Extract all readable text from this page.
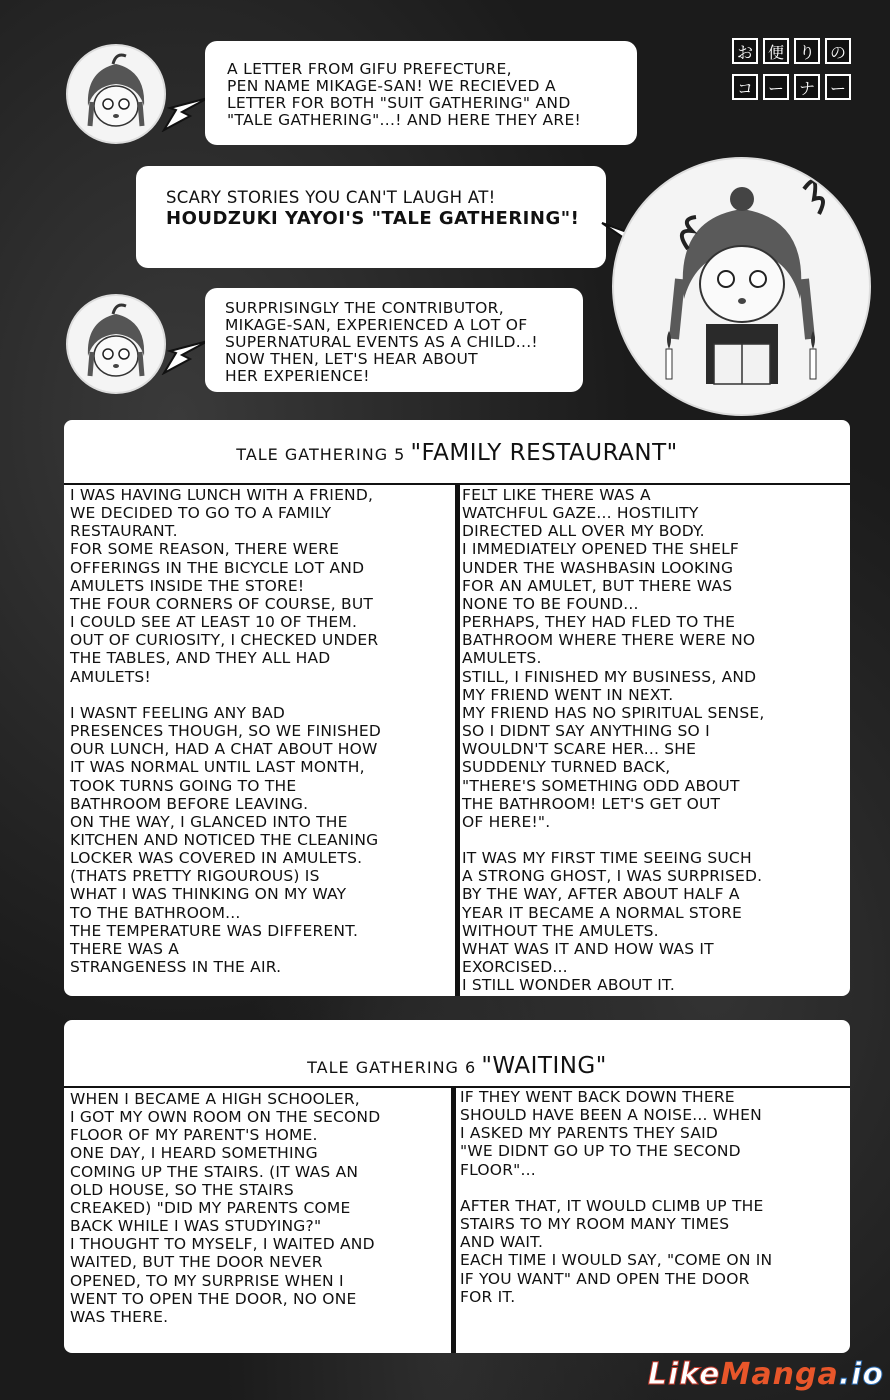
お 便 り の
コ ー ナ ー

A LETTER FROM GIFU PREFECTURE,

PEN NAME MIKAGE-SAN! WE RECIEVED A

LETTER FOR BOTH "SUIT GATHERING" AND

"TALE GATHERING"...! AND HERE THEY ARE!

SCARY STORIES YOU CAN'T LAUGH AT!

HOUDZUKI YAYOI'S "TALE GATHERING"!

SURPRISINGLY THE CONTRIBUTOR,

MIKAGE-SAN, EXPERIENCED A LOT OF

SUPERNATURAL EVENTS AS A CHILD...!

NOW THEN, LET'S HEAR ABOUT

HER EXPERIENCE!

TALE GATHERING 5 "FAMILY RESTAURANT"
I WAS HAVING LUNCH WITH A FRIEND,
WE DECIDED TO GO TO A FAMILY
RESTAURANT.
FOR SOME REASON, THERE WERE
OFFERINGS IN THE BICYCLE LOT AND
AMULETS INSIDE THE STORE!
THE FOUR CORNERS OF COURSE, BUT
I COULD SEE AT LEAST 10 OF THEM.
OUT OF CURIOSITY, I CHECKED UNDER
THE TABLES, AND THEY ALL HAD
AMULETS!

I WASNT FEELING ANY BAD
PRESENCES THOUGH, SO WE FINISHED
OUR LUNCH, HAD A CHAT ABOUT HOW
IT WAS NORMAL UNTIL LAST MONTH,
TOOK TURNS GOING TO THE
BATHROOM BEFORE LEAVING.
ON THE WAY, I GLANCED INTO THE
KITCHEN AND NOTICED THE CLEANING
LOCKER WAS COVERED IN AMULETS.
(THATS PRETTY RIGOUROUS) IS
WHAT I WAS THINKING ON MY WAY
TO THE BATHROOM...
THE TEMPERATURE WAS DIFFERENT.
THERE WAS A
STRANGENESS IN THE AIR.
FELT LIKE THERE WAS A
WATCHFUL GAZE... HOSTILITY
DIRECTED ALL OVER MY BODY.
I IMMEDIATELY OPENED THE SHELF
UNDER THE WASHBASIN LOOKING
FOR AN AMULET, BUT THERE WAS
NONE TO BE FOUND...
PERHAPS, THEY HAD FLED TO THE
BATHROOM WHERE THERE WERE NO
AMULETS.
STILL, I FINISHED MY BUSINESS, AND
MY FRIEND WENT IN NEXT.
MY FRIEND HAS NO SPIRITUAL SENSE,
SO I DIDNT SAY ANYTHING SO I
WOULDN'T SCARE HER... SHE
SUDDENLY TURNED BACK,
"THERE'S SOMETHING ODD ABOUT
THE BATHROOM! LET'S GET OUT
OF HERE!".

IT WAS MY FIRST TIME SEEING SUCH
A STRONG GHOST, I WAS SURPRISED.
BY THE WAY, AFTER ABOUT HALF A
YEAR IT BECAME A NORMAL STORE
WITHOUT THE AMULETS.
WHAT WAS IT AND HOW WAS IT
EXORCISED...
I STILL WONDER ABOUT IT.
TALE GATHERING 6 "WAITING"
WHEN I BECAME A HIGH SCHOOLER,
I GOT MY OWN ROOM ON THE SECOND
FLOOR OF MY PARENT'S HOME.
ONE DAY, I HEARD SOMETHING
COMING UP THE STAIRS. (IT WAS AN
OLD HOUSE, SO THE STAIRS
CREAKED) "DID MY PARENTS COME
BACK WHILE I WAS STUDYING?"
I THOUGHT TO MYSELF, I WAITED AND
WAITED, BUT THE DOOR NEVER
OPENED, TO MY SURPRISE WHEN I
WENT TO OPEN THE DOOR, NO ONE
WAS THERE.
IF THEY WENT BACK DOWN THERE
SHOULD HAVE BEEN A NOISE... WHEN
I ASKED MY PARENTS THEY SAID
"WE DIDNT GO UP TO THE SECOND
FLOOR"...

AFTER THAT, IT WOULD CLIMB UP THE
STAIRS TO MY ROOM MANY TIMES
AND WAIT.
EACH TIME I WOULD SAY, "COME ON IN
IF YOU WANT" AND OPEN THE DOOR
FOR IT.
LikeManga.io
